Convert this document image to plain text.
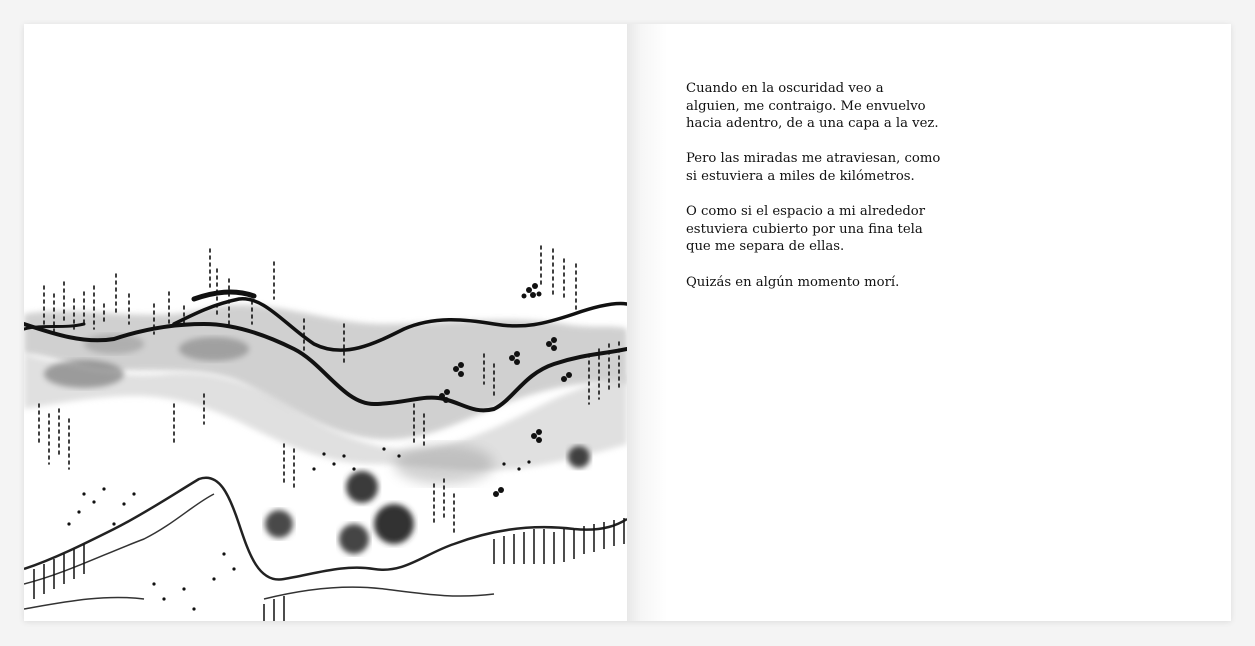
Cuando en la oscuridad veo a
alguien, me contraigo. Me envuelvo
hacia adentro, de a una capa a la vez.

Pero las miradas me atraviesan, como
si estuviera a miles de kilómetros.

O como si el espacio a mi alrededor
estuviera cubierto por una fina tela
que me separa de ellas.

Quizás en algún momento morí.
